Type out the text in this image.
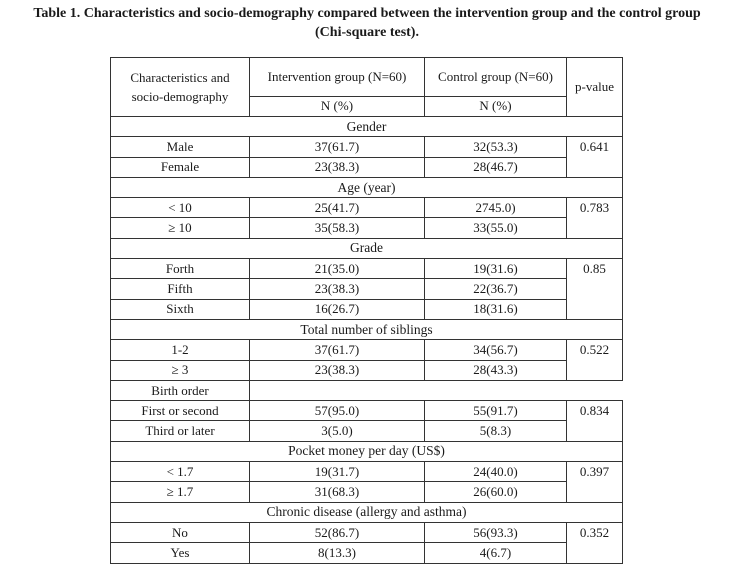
Table 1. Characteristics and socio-demography compared between the intervention group and the control group
(Chi-square test).
Characteristics and socio-demography	Intervention group (N=60)	Control group (N=60)	p-value
	N (%)	N (%)	
Gender			
Male	37(61.7)	32(53.3)	0.641
Female	23(38.3)	28(46.7)	
Age (year)			
< 10	25(41.7)	2745.0)	0.783
≥ 10	35(58.3)	33(55.0)	
Grade			
Forth	21(35.0)	19(31.6)	0.85
Fifth	23(38.3)	22(36.7)	
Sixth	16(26.7)	18(31.6)	
Total number of siblings			
1-2	37(61.7)	34(56.7)	0.522
≥ 3	23(38.3)	28(43.3)	
Birth order			
First or second	57(95.0)	55(91.7)	0.834
Third or later	3(5.0)	5(8.3)	
Pocket money per day (US$)			
< 1.7	19(31.7)	24(40.0)	0.397
≥ 1.7	31(68.3)	26(60.0)	
Chronic disease (allergy and asthma)			
No	52(86.7)	56(93.3)	0.352
Yes	8(13.3)	4(6.7)	
